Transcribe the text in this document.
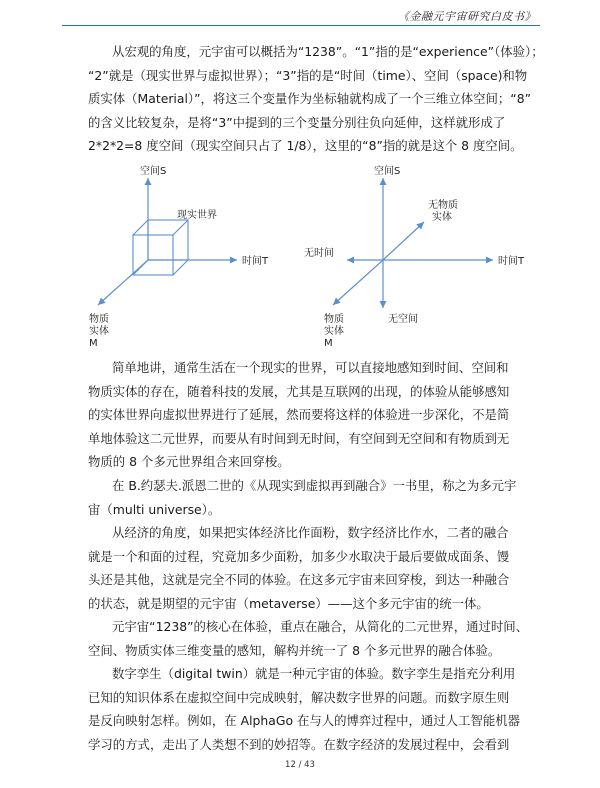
《金融元宇宙研究白皮书》
从宏观的角度，元宇宙可以概括为“1238”。“1”指的是“experience”（体验）；
“2”就是（现实世界与虚拟世界）；“3”指的是“时间（time）、空间（space)和物
质实体（Material）”，将这三个变量作为坐标轴就构成了一个三维立体空间；“8”
的含义比较复杂，是将“3”中提到的三个变量分别往负向延伸，这样就形成了
2*2*2=8 度空间（现实空间只占了 1/8），这里的“8”指的就是这个 8 度空间。
空间S
现实世界
时间T
物质
实体
M
空间S
无物质
实体
无时间
时间T
无空间
物质
实体
M
简单地讲，通常生活在一个现实的世界，可以直接地感知到时间、空间和
物质实体的存在，随着科技的发展，尤其是互联网的出现，的体验从能够感知
的实体世界向虚拟世界进行了延展，然而要将这样的体验进一步深化，不是简
单地体验这二元世界，而要从有时间到无时间，有空间到无空间和有物质到无
物质的 8 个多元世界组合来回穿梭。
在 B.约瑟夫.派恩二世的《从现实到虚拟再到融合》一书里，称之为多元宇
宙（multi universe）。
从经济的角度，如果把实体经济比作面粉，数字经济比作水，二者的融合
就是一个和面的过程，究竟加多少面粉，加多少水取决于最后要做成面条、馒
头还是其他，这就是完全不同的体验。在这多元宇宙来回穿梭，到达一种融合
的状态，就是期望的元宇宙（metaverse）——这个多元宇宙的统一体。
元宇宙“1238”的核心在体验，重点在融合，从简化的二元世界，通过时间、
空间、物质实体三维变量的感知，解构并统一了 8 个多元世界的融合体验。
数字孪生（digital twin）就是一种元宇宙的体验。数字孪生是指充分利用
已知的知识体系在虚拟空间中完成映射，解决数字世界的问题。而数字原生则
是反向映射怎样。例如，在 AlphaGo 在与人的博弈过程中，通过人工智能机器
学习的方式，走出了人类想不到的妙招等。在数字经济的发展过程中，会看到
12 / 43
